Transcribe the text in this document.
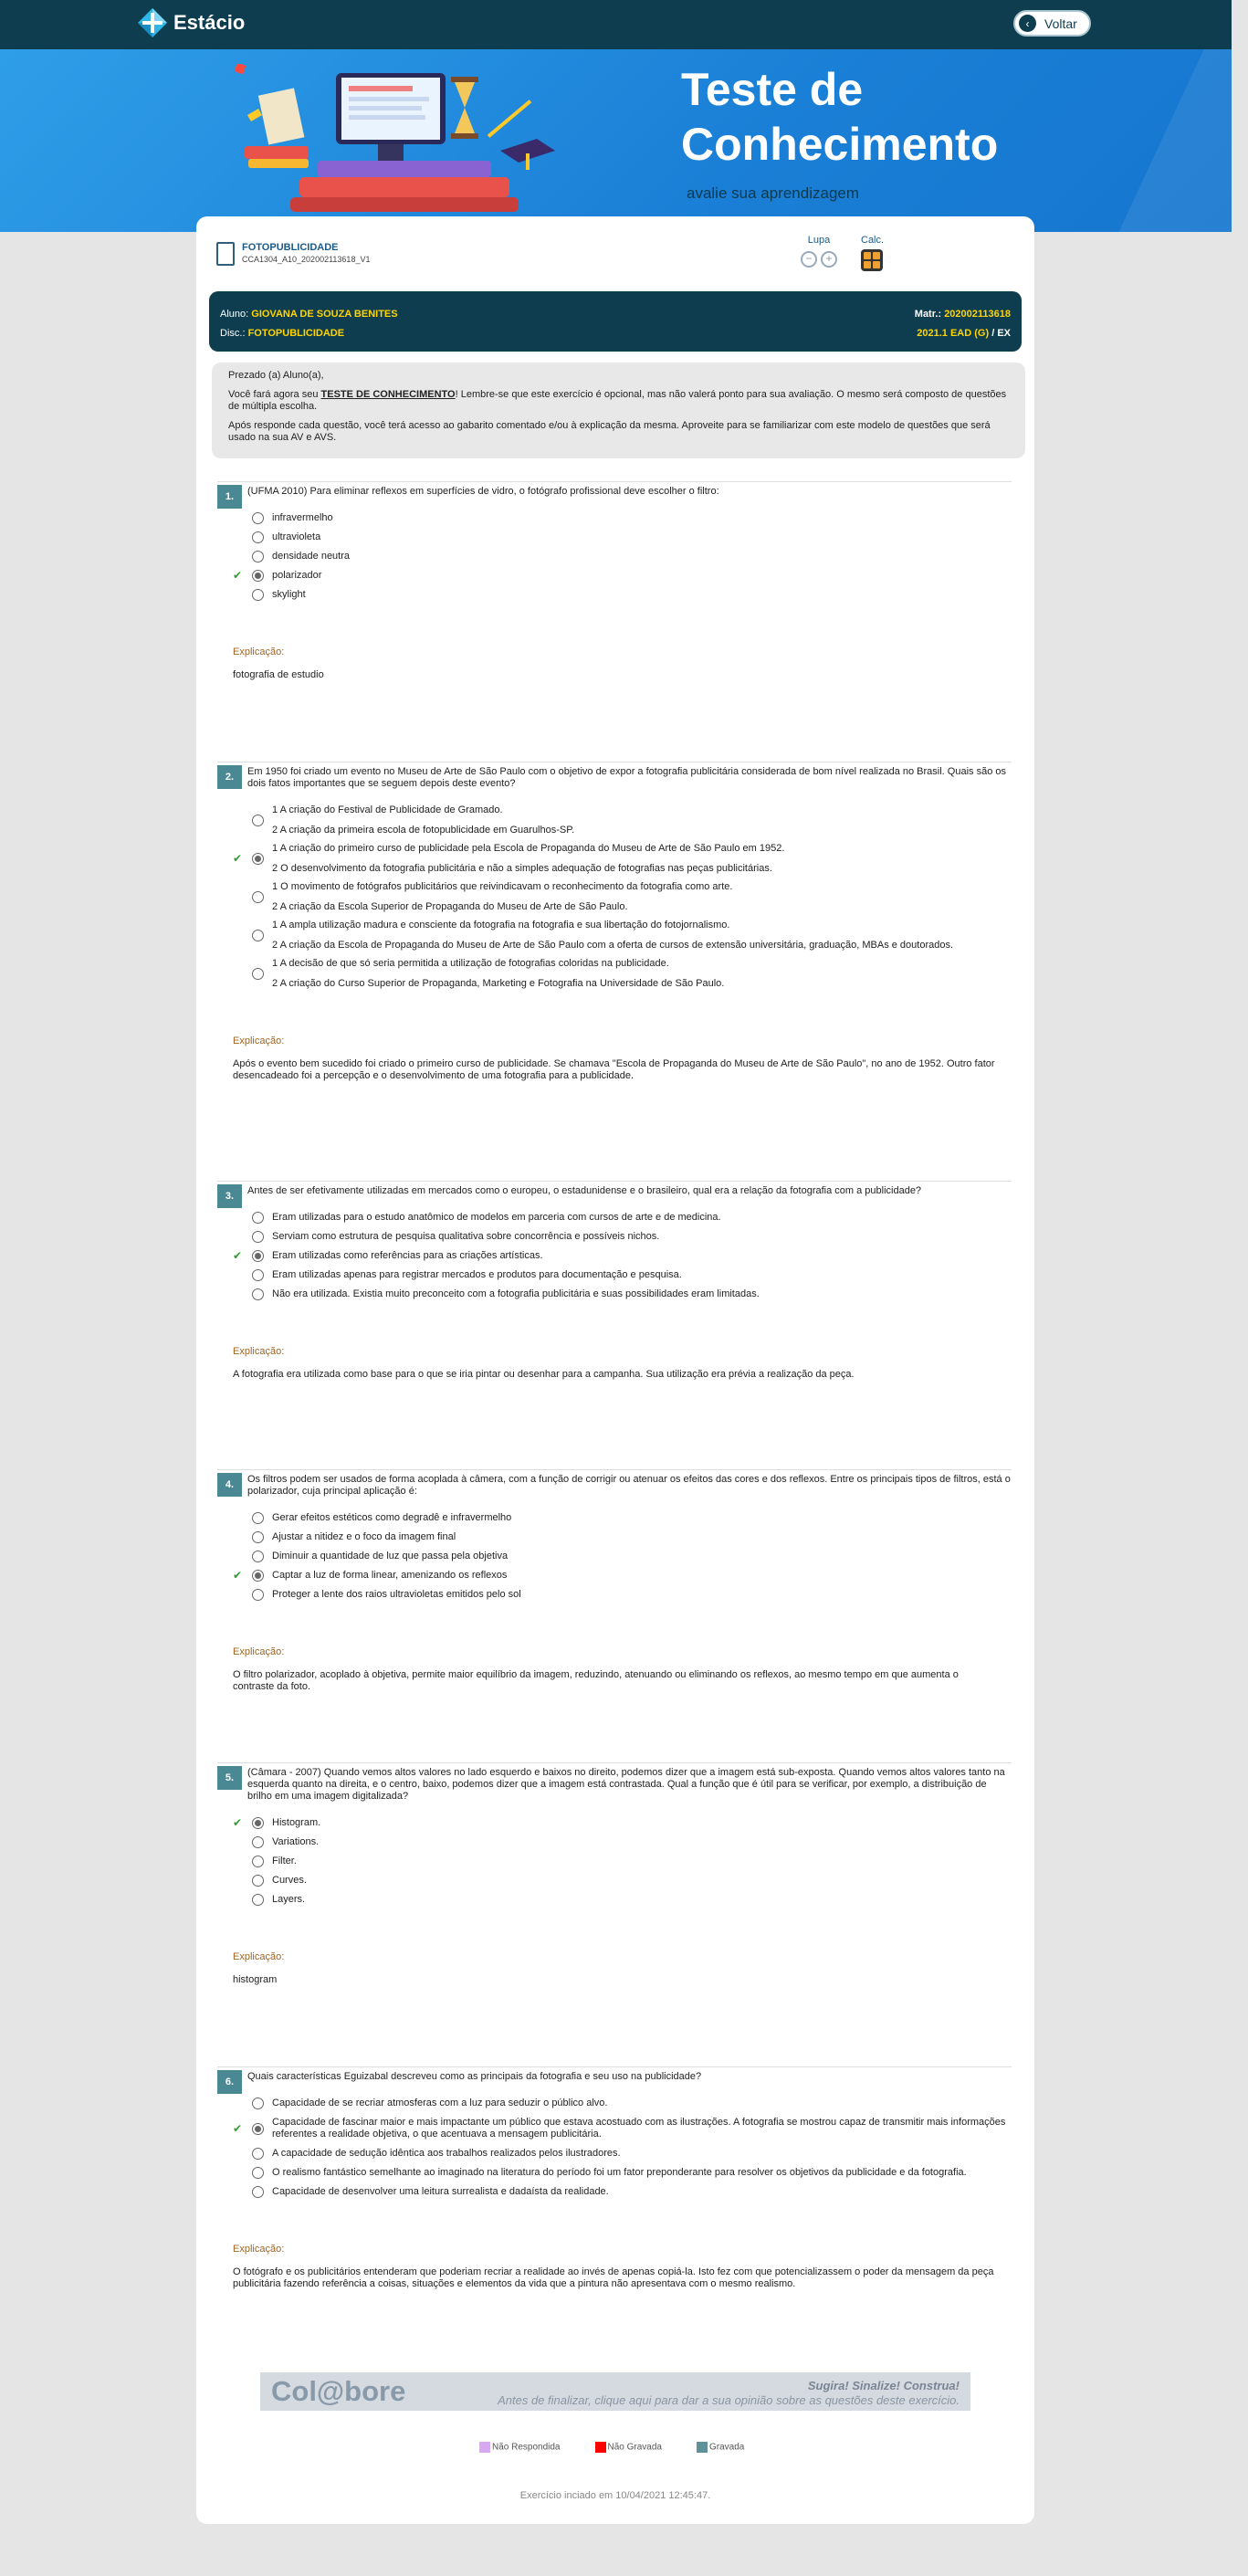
Estácio	‹	Voltar
Teste de
Conhecimento
avalie sua aprendizagem
FOTOPUBLICIDADE
CCA1304_A10_202002113618_V1
Lupa
−	+
Calc.
Aluno: GIOVANA DE SOUZA BENITES	Matr.: 202002113618
Disc.: FOTOPUBLICIDADE	2021.1 EAD (G) / EX

Prezado (a) Aluno(a),

Você fará agora seu TESTE DE CONHECIMENTO! Lembre-se que este exercício é opcional, mas não valerá ponto para sua avaliação. O mesmo será composto de questões de múltipla escolha.

Após responde cada questão, você terá acesso ao gabarito comentado e/ou à explicação da mesma. Aproveite para se familiarizar com este modelo de questões que será usado na sua AV e AVS.

1.	(UFMA 2010) Para eliminar reflexos em superfícies de vidro, o fotógrafo profissional deve escolher o filtro:
infravermelho
ultravioleta
densidade neutra
✔	polarizador
skylight
Explicação:
fotografia de estudio
2.	Em 1950 foi criado um evento no Museu de Arte de São Paulo com o objetivo de expor a fotografia publicitária considerada de bom nível realizada no Brasil. Quais são os dois fatos importantes que se seguem depois deste evento?
1 A criação do Festival de Publicidade de Gramado.
2 A criação da primeira escola de fotopublicidade em Guarulhos-SP.
✔
1 A criação do primeiro curso de publicidade pela Escola de Propaganda do Museu de Arte de São Paulo em 1952.
2 O desenvolvimento da fotografia publicitária e não a simples adequação de fotografias nas peças publicitárias.
1 O movimento de fotógrafos publicitários que reivindicavam o reconhecimento da fotografia como arte.
2 A criação da Escola Superior de Propaganda do Museu de Arte de São Paulo.
1 A ampla utilização madura e consciente da fotografia na fotografia e sua libertação do fotojornalismo.
2 A criação da Escola de Propaganda do Museu de Arte de São Paulo com a oferta de cursos de extensão universitária, graduação, MBAs e doutorados.
1 A decisão de que só seria permitida a utilização de fotografias coloridas na publicidade.
2 A criação do Curso Superior de Propaganda, Marketing e Fotografia na Universidade de São Paulo.
Explicação:
Após o evento bem sucedido foi criado o primeiro curso de publicidade. Se chamava "Escola de Propaganda do Museu de Arte de São Paulo", no ano de 1952. Outro fator desencadeado foi a percepção e o desenvolvimento de uma fotografia para a publicidade.
3.	Antes de ser efetivamente utilizadas em mercados como o europeu, o estadunidense e o brasileiro, qual era a relação da fotografia com a publicidade?
Eram utilizadas para o estudo anatômico de modelos em parceria com cursos de arte e de medicina.
Serviam como estrutura de pesquisa qualitativa sobre concorrência e possíveis nichos.
✔	Eram utilizadas como referências para as criações artísticas.
Eram utilizadas apenas para registrar mercados e produtos para documentação e pesquisa.
Não era utilizada. Existia muito preconceito com a fotografia publicitária e suas possibilidades eram limitadas.
Explicação:
A fotografia era utilizada como base para o que se iria pintar ou desenhar para a campanha. Sua utilização era prévia a realização da peça.
4.	Os filtros podem ser usados de forma acoplada à câmera, com a função de corrigir ou atenuar os efeitos das cores e dos reflexos. Entre os principais tipos de filtros, está o polarizador, cuja principal aplicação é:
Gerar efeitos estéticos como degradê e infravermelho
Ajustar a nitidez e o foco da imagem final
Diminuir a quantidade de luz que passa pela objetiva
✔	Captar a luz de forma linear, amenizando os reflexos
Proteger a lente dos raios ultravioletas emitidos pelo sol
Explicação:
O filtro polarizador, acoplado à objetiva, permite maior equilíbrio da imagem, reduzindo, atenuando ou eliminando os reflexos, ao mesmo tempo em que aumenta o contraste da foto.
5.	(Câmara - 2007) Quando vemos altos valores no lado esquerdo e baixos no direito, podemos dizer que a imagem está sub-exposta. Quando vemos altos valores tanto na esquerda quanto na direita, e o centro, baixo, podemos dizer que a imagem está contrastada. Qual a função que é útil para se verificar, por exemplo, a distribuição de brilho em uma imagem digitalizada?
✔	Histogram.
Variations.
Filter.
Curves.
Layers.
Explicação:
histogram
6.	Quais características Eguizabal descreveu como as principais da fotografia e seu uso na publicidade?
Capacidade de se recriar atmosferas com a luz para seduzir o público alvo.
✔	Capacidade de fascinar maior e mais impactante um público que estava acostuado com as ilustrações. A fotografia se mostrou capaz de transmitir mais informações referentes a realidade objetiva, o que acentuava a mensagem publicitária.
A capacidade de sedução idêntica aos trabalhos realizados pelos ilustradores.
O realismo fantástico semelhante ao imaginado na literatura do período foi um fator preponderante para resolver os objetivos da publicidade e da fotografia.
Capacidade de desenvolver uma leitura surrealista e dadaísta da realidade.
Explicação:
O fotógrafo e os publicitários entenderam que poderiam recriar a realidade ao invés de apenas copiá-la. Isto fez com que potencializassem o poder da mensagem da peça publicitária fazendo referência a coisas, situações e elementos da vida que a pintura não apresentava com o mesmo realismo.
Col@bore	Sugira! Sinalize! Construa!
Antes de finalizar, clique aqui para dar a sua opinião sobre as questões deste exercício.
Não Respondida	Não Gravada	Gravada
Exercício inciado em 10/04/2021 12:45:47.
